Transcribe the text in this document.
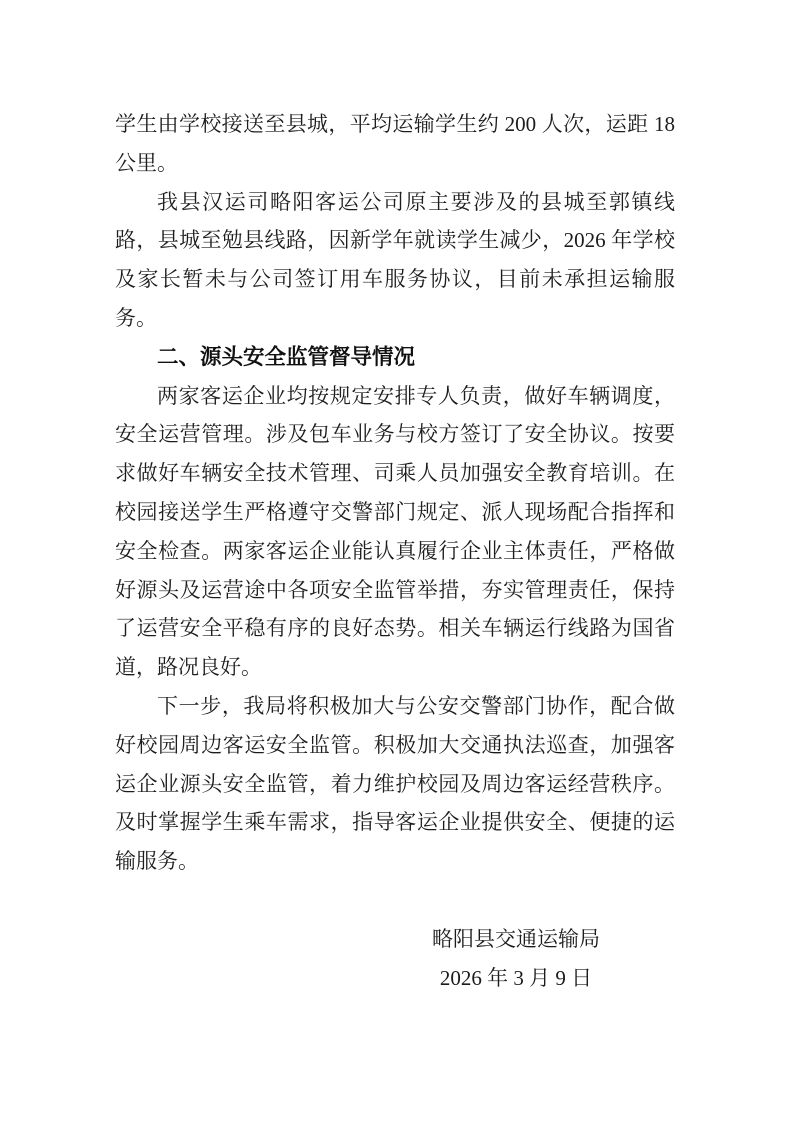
学生由学校接送至县城，平均运输学生约 200 人次，运距 18
公里。
我县汉运司略阳客运公司原主要涉及的县城至郭镇线
路，县城至勉县线路，因新学年就读学生减少，2026 年学校
及家长暂未与公司签订用车服务协议，目前未承担运输服
务。
二、源头安全监管督导情况
两家客运企业均按规定安排专人负责，做好车辆调度，
安全运营管理。涉及包车业务与校方签订了安全协议。按要
求做好车辆安全技术管理、司乘人员加强安全教育培训。在
校园接送学生严格遵守交警部门规定、派人现场配合指挥和
安全检查。两家客运企业能认真履行企业主体责任，严格做
好源头及运营途中各项安全监管举措，夯实管理责任，保持
了运营安全平稳有序的良好态势。相关车辆运行线路为国省
道，路况良好。
下一步，我局将积极加大与公安交警部门协作，配合做
好校园周边客运安全监管。积极加大交通执法巡查，加强客
运企业源头安全监管，着力维护校园及周边客运经营秩序。
及时掌握学生乘车需求，指导客运企业提供安全、便捷的运
输服务。
略阳县交通运输局
2026 年 3 月 9 日
